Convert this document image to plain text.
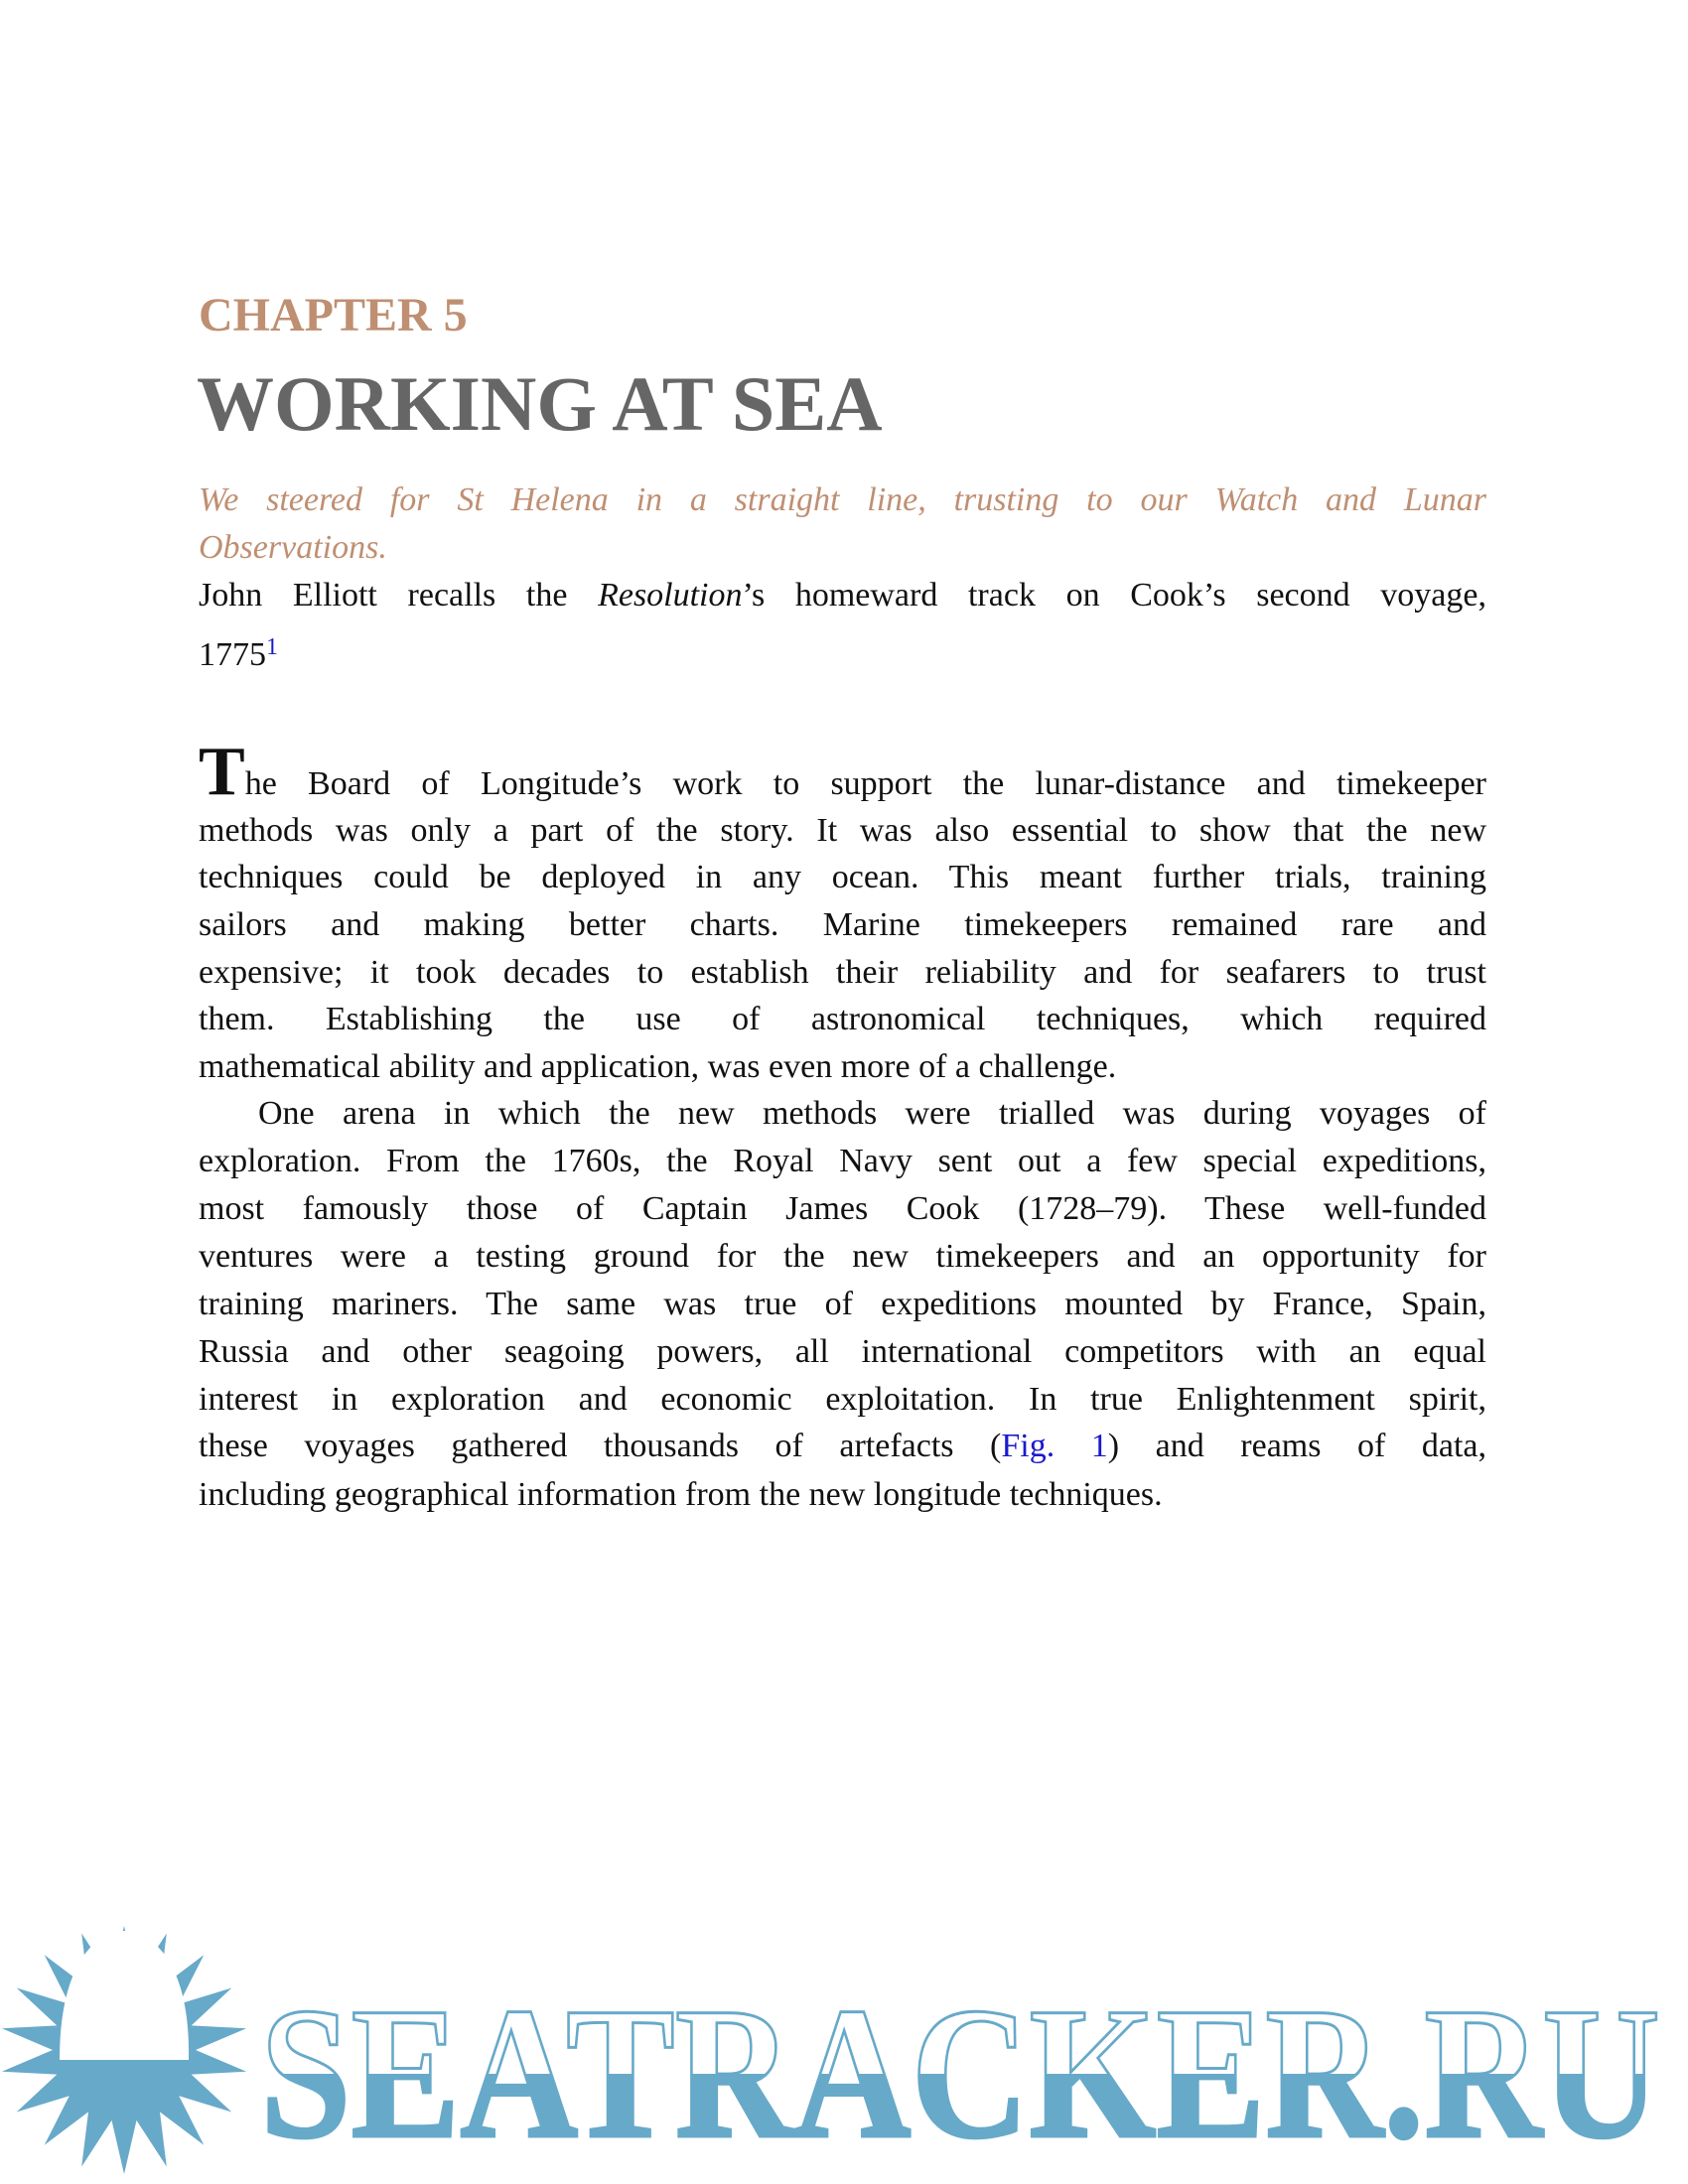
CHAPTER 5
WORKING AT SEA
We steered for St Helena in a straight line, trusting to our Watch and Lunar
Observations.
John Elliott recalls the Resolution’s homeward track on Cook’s second voyage,
1775$^1$
The Board of Longitude’s work to support the lunar-distance and timekeeper
methods was only a part of the story. It was also essential to show that the new
techniques could be deployed in any ocean. This meant further trials, training
sailors and making better charts. Marine timekeepers remained rare and
expensive; it took decades to establish their reliability and for seafarers to trust
them. Establishing the use of astronomical techniques, which required
mathematical ability and application, was even more of a challenge.
One arena in which the new methods were trialled was during voyages of
exploration. From the 1760s, the Royal Navy sent out a few special expeditions,
most famously those of Captain James Cook (1728–79). These well-funded
ventures were a testing ground for the new timekeepers and an opportunity for
training mariners. The same was true of expeditions mounted by France, Spain,
Russia and other seagoing powers, all international competitors with an equal
interest in exploration and economic exploitation. In true Enlightenment spirit,
these voyages gathered thousands of artefacts (Fig. 1) and reams of data,
including geographical information from the new longitude techniques.
SEATRACKER.RU
